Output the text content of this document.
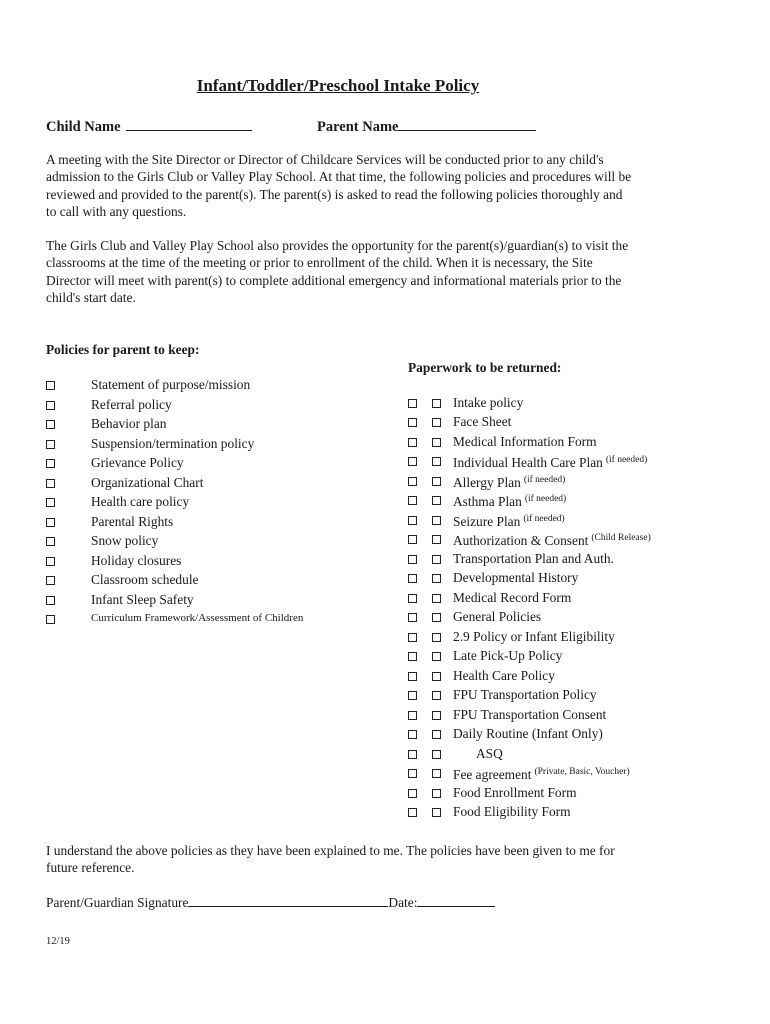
Infant/Toddler/Preschool Intake Policy
Child Name	Parent Name
A meeting with the Site Director or Director of Childcare Services will be conducted prior to any child's admission to the Girls Club or Valley Play School. At that time, the following policies and procedures will be reviewed and provided to the parent(s). The parent(s) is asked to read the following policies thoroughly and to call with any questions.
The Girls Club and Valley Play School also provides the opportunity for the parent(s)/guardian(s) to visit the classrooms at the time of the meeting or prior to enrollment of the child. When it is necessary, the Site Director will meet with parent(s) to complete additional emergency and informational materials prior to the child's start date.
Policies for parent to keep:
Paperwork to be returned:
Statement of purpose/mission
Referral policy
Behavior plan
Suspension/termination policy
Grievance Policy
Organizational Chart
Health care policy
Parental Rights
Snow policy
Holiday closures
Classroom schedule
Infant Sleep Safety
Curriculum Framework/Assessment of Children
Intake policy
Face Sheet
Medical Information Form
Individual Health Care Plan $^{(if needed)}$
Allergy Plan $^{(if needed)}$
Asthma Plan $^{(if needed)}$
Seizure Plan $^{(if needed)}$
Authorization & Consent $^{(Child Release)}$
Transportation Plan and Auth.
Developmental History
Medical Record Form
General Policies
2.9 Policy or Infant Eligibility
Late Pick-Up Policy
Health Care Policy
FPU Transportation Policy
FPU Transportation Consent
Daily Routine (Infant Only)
ASQ
Fee agreement $^{(Private, Basic, Voucher)}$
Food Enrollment Form
Food Eligibility Form
I understand the above policies as they have been explained to me. The policies have been given to me for future reference.
Parent/Guardian Signature	Date:
12/19
